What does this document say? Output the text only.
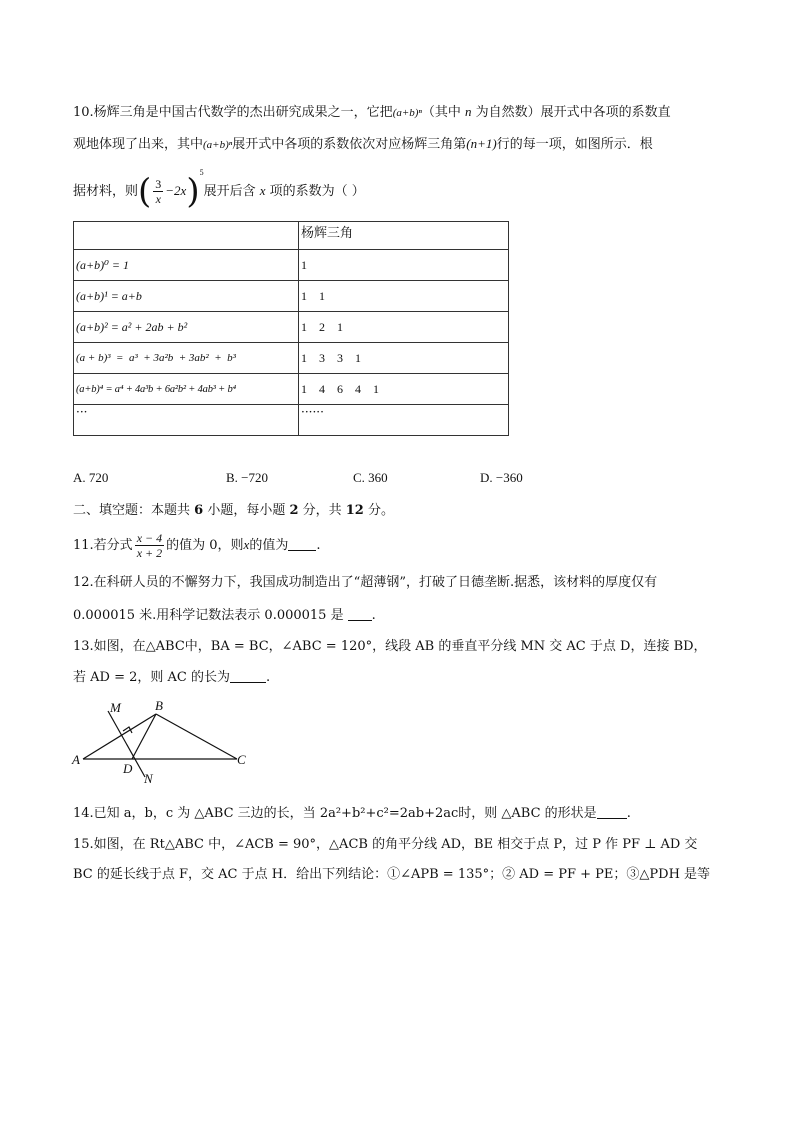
10.杨辉三角是中国古代数学的杰出研究成果之一，它把(a+b)ⁿ（其中 n 为自然数）展开式中各项的系数直
观地体现了出来，其中(a+b)ⁿ展开式中各项的系数依次对应杨辉三角第(n+1)行的每一项，如图所示．根
据材料，则( $\frac{3}{x} -2x)^5$展开后含 x 项的系数为（ ）
	杨辉三角
(a+b)⁰ = 1	1
(a+b)¹ = a+b	1    1
(a+b)² = a² + 2ab + b²	1    2    1
(a + b)³  =  a³  + 3a²b  + 3ab²  +  b³	1    3    3    1
(a+b)⁴ = a⁴ + 4a³b + 6a²b² + 4ab³ + b⁴	1    4    6    4    1
···	······
A. 720	B. −720	C. 360	D. −360
二、填空题：本题共 6 小题，每小题 2 分，共 12 分。
11.若分式 $\frac{x - 4}{x + 2}$ 的值为 0，则x的值为 .
12.在科研人员的不懈努力下，我国成功制造出了“超薄钢”，打破了日德垄断.据悉，该材料的厚度仅有
0.000015 米.用科学记数法表示 0.000015 是 .
13.如图，在△ABC中，BA = BC，∠ABC = 120°，线段 AB 的垂直平分线 MN 交 AC 于点 D，连接 BD，
若 AD = 2，则 AC 的长为	.
M	B
A
D
N
C
14.已知 a，b，c 为 △ABC 三边的长，当 2a²+b²+c²=2ab+2ac时，则 △ABC 的形状是 .
15.如图，在 Rt△ABC 中，∠ACB = 90°，△ACB 的角平分线 AD，BE 相交于点 P，过 P 作 PF ⊥ AD 交
BC 的延长线于点 F，交 AC 于点 H．给出下列结论：①∠APB = 135°；② AD = PF + PE；③△PDH 是等
